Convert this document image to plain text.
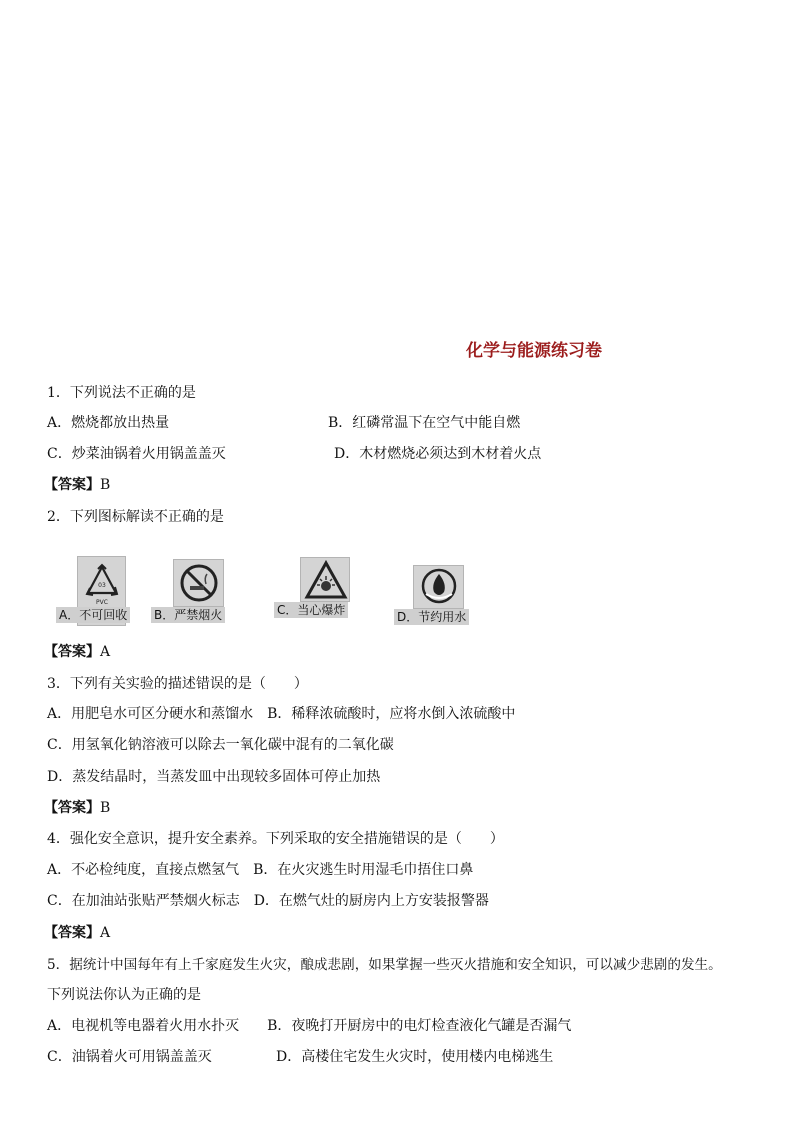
化学与能源练习卷
1．下列说法不正确的是
A．燃烧都放出热量	B．红磷常温下在空气中能自燃
C．炒菜油锅着火用锅盖盖灭	D．木材燃烧必须达到木材着火点
【答案】B
2．下列图标解读不正确的是
03
PVC
A．不可回收 B．严禁烟火	C．当心爆炸	D．节约用水
【答案】A
3．下列有关实验的描述错误的是（　　）
A．用肥皂水可区分硬水和蒸馏水　B．稀释浓硫酸时，应将水倒入浓硫酸中
C．用氢氧化钠溶液可以除去一氧化碳中混有的二氧化碳
D．蒸发结晶时，当蒸发皿中出现较多固体可停止加热
【答案】B
4．强化安全意识，提升安全素养。下列采取的安全措施错误的是（　　）
A．不必检纯度，直接点燃氢气　B．在火灾逃生时用湿毛巾捂住口鼻
C．在加油站张贴严禁烟火标志　D．在燃气灶的厨房内上方安装报警器
【答案】A
5．据统计中国每年有上千家庭发生火灾，酿成悲剧，如果掌握一些灭火措施和安全知识，可以减少悲剧的发生。
下列说法你认为正确的是
A．电视机等电器着火用水扑灭　　B．夜晚打开厨房中的电灯检查液化气罐是否漏气
C．油锅着火可用锅盖盖灭	D．高楼住宅发生火灾时，使用楼内电梯逃生
